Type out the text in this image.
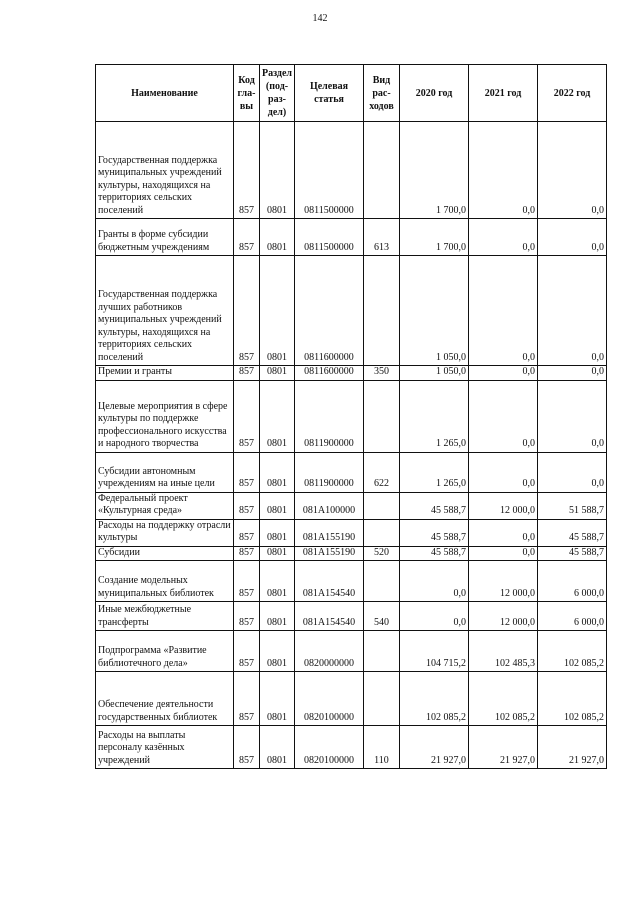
142
Наименование	Код гла- вы	Раздел (под- раз- дел)	Целевая статья	Вид рас- ходов	2020 год	2021 год	2022 год
Государственная поддержка муниципальных учреждений культуры, находящихся на территориях сельских поселений	857	0801	0811500000		1 700,0	0,0	0,0
Гранты в форме субсидии бюджетным учреждениям	857	0801	0811500000	613	1 700,0	0,0	0,0
Государственная поддержка лучших работников муниципальных учреждений культуры, находящихся на территориях сельских поселений	857	0801	0811600000		1 050,0	0,0	0,0
Премии и гранты	857	0801	0811600000	350	1 050,0	0,0	0,0
Целевые мероприятия в сфере культуры по поддержке профессионального искусства и народного творчества	857	0801	0811900000		1 265,0	0,0	0,0
Субсидии автономным учреждениям на иные цели	857	0801	0811900000	622	1 265,0	0,0	0,0
Федеральный проект «Культурная среда»	857	0801	081A100000		45 588,7	12 000,0	51 588,7
Расходы на поддержку отрасли культуры	857	0801	081A155190		45 588,7	0,0	45 588,7
Субсидии	857	0801	081A155190	520	45 588,7	0,0	45 588,7
Создание модельных муниципальных библиотек	857	0801	081A154540		0,0	12 000,0	6 000,0
Иные межбюджетные трансферты	857	0801	081A154540	540	0,0	12 000,0	6 000,0
Подпрограмма «Развитие библиотечного дела»	857	0801	0820000000		104 715,2	102 485,3	102 085,2
Обеспечение деятельности государственных библиотек	857	0801	0820100000		102 085,2	102 085,2	102 085,2
Расходы на выплаты персоналу казённых учреждений	857	0801	0820100000	110	21 927,0	21 927,0	21 927,0
